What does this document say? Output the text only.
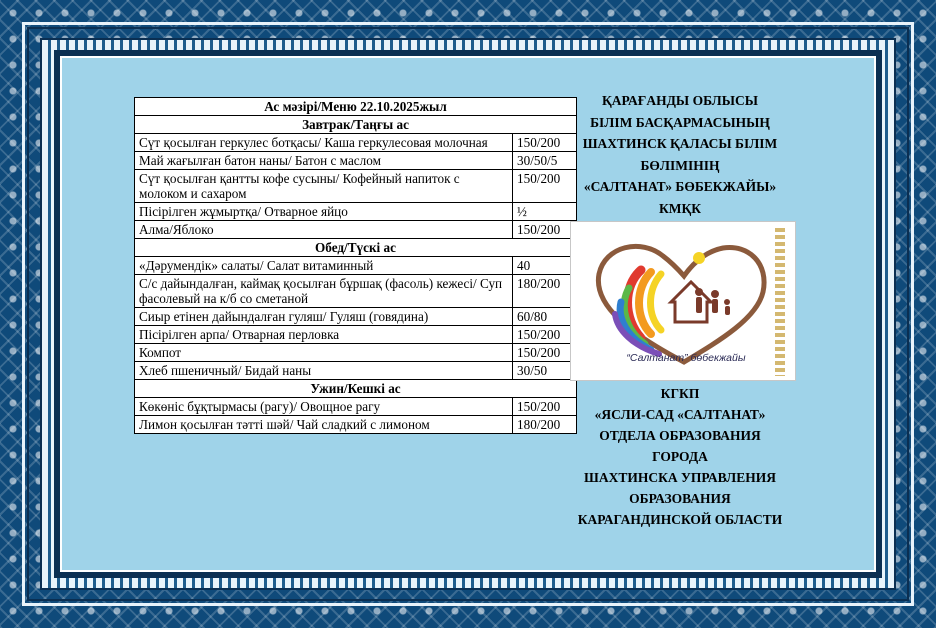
Ас мәзірі/Меню 22.10.2025жыл	
Завтрак/Таңғы ас	
Сүт қосылған геркулес ботқасы/ Каша геркулесовая молочная	150/200
Май жағылған батон наны/ Батон с маслом	30/50/5
Сүт қосылған қантты кофе сусыны/ Кофейный напиток с молоком и сахаром	150/200
Пісірілген жұмыртқа/ Отварное яйцо	½
Алма/Яблоко	150/200
Обед/Түскі ас	
«Дәрумендік» салаты/ Салат витаминный	40
С/с дайындалған, каймақ қосылған бұршақ (фасоль) кежесі/ Суп фасолевый на к/б со сметаной	180/200
Сиыр етінен дайындалған гуляш/ Гуляш (говядина)	60/80
Пісірілген арпа/ Отварная перловка	150/200
Компот	150/200
Хлеб пшеничный/ Бидай наны	30/50
Ужин/Кешкі ас	
Көкөніс бұқтырмасы (рагу)/ Овощное рагу	150/200
Лимон қосылған тәтті шәй/ Чай сладкий с лимоном	180/200
ҚАРАҒАНДЫ ОБЛЫСЫ
БІЛІМ БАСҚАРМАСЫНЫҢ
ШАХТИНСК ҚАЛАСЫ БІЛІМ
БӨЛІМІНІҢ
«САЛТАНАТ» БӨБЕКЖАЙЫ»
КМҚК
“Салтанат” бөбекжайы
КГКП
«ЯСЛИ-САД «САЛТАНАТ»
ОТДЕЛА ОБРАЗОВАНИЯ
ГОРОДА
ШАХТИНСКА УПРАВЛЕНИЯ
ОБРАЗОВАНИЯ
КАРАГАНДИНСКОЙ ОБЛАСТИ
